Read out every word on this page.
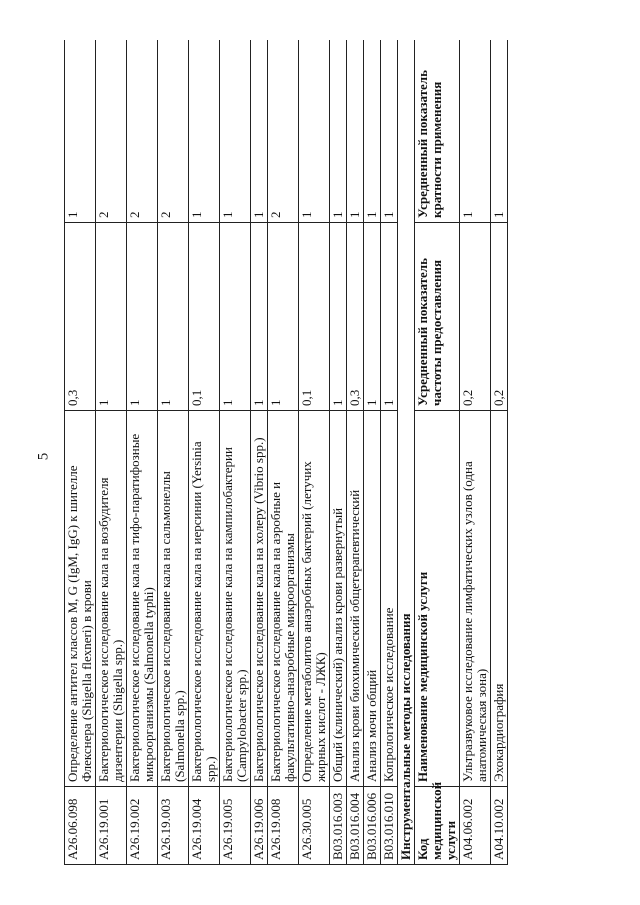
5
A26.06.098	Определение антител классов M, G (IgM, IgG) к шигелле Флекснера (Shigella flexneri) в крови	0,3	1
A26.19.001	Бактериологическое исследование кала на возбудителя дизентерии (Shigella spp.)	1	2
A26.19.002	Бактериологическое исследование кала на тифо-паратифозные микроорганизмы (Salmonella typhi)	1	2
A26.19.003	Бактериологическое исследование кала на сальмонеллы (Salmonella spp.)	1	2
A26.19.004	Бактериологическое исследование кала на иерсинии (Yersinia spp.)	0,1	1
A26.19.005	Бактериологическое исследование кала на кампилобактерии (Campylobacter spp.)	1	1
A26.19.006	Бактериологическое исследование кала на холеру (Vibrio spp.)	1	1
A26.19.008	Бактериологическое исследование кала на аэробные и факультативно-анаэробные микроорганизмы	1	2
A26.30.005	Определение метаболитов анаэробных бактерий (летучих жирных кислот - ЛЖК)	0,1	1
B03.016.003	Общий (клинический) анализ крови развернутый	1	1
B03.016.004	Анализ крови биохимический общетерапевтический	0,3	1
B03.016.006	Анализ мочи общий	1	1
B03.016.010	Копрологическое исследование	1	1
Инструментальные методы исследования			
Код медицинской услуги	Наименование медицинской услуги	Усредненный показатель частоты предоставления	Усредненный показатель кратности применения
A04.06.002	Ультразвуковое исследование лимфатических узлов (одна анатомическая зона)	0,2	1
A04.10.002	Эхокардиография	0,2	1
